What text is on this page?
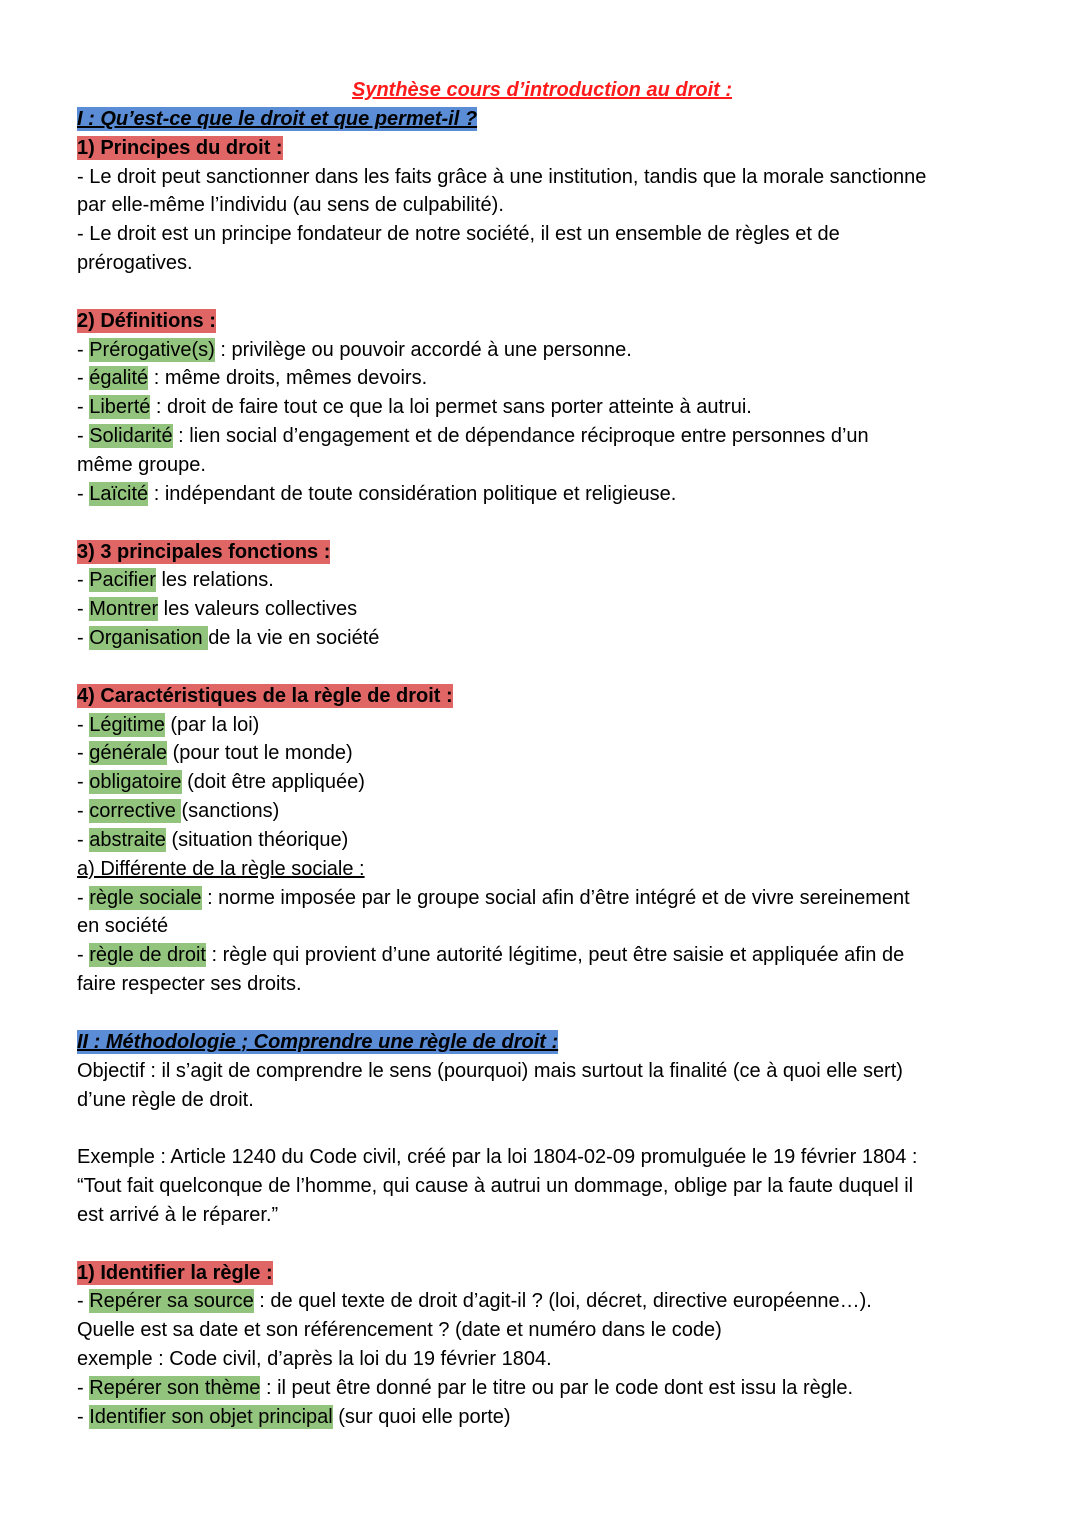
Synthèse cours d’introduction au droit :
I : Qu’est-ce que le droit et que permet-il ?
1) Principes du droit :
- Le droit peut sanctionner dans les faits grâce à une institution, tandis que la morale sanctionne
par elle-même l’individu (au sens de culpabilité).
- Le droit est un principe fondateur de notre société, il est un ensemble de règles et de
prérogatives.
2) Définitions :
- Prérogative(s) : privilège ou pouvoir accordé à une personne.
- égalité : même droits, mêmes devoirs.
- Liberté : droit de faire tout ce que la loi permet sans porter atteinte à autrui.
- Solidarité : lien social d’engagement et de dépendance réciproque entre personnes d’un
même groupe.
- Laïcité : indépendant de toute considération politique et religieuse.
3) 3 principales fonctions :
- Pacifier les relations.
- Montrer les valeurs collectives
- Organisation de la vie en société
4) Caractéristiques de la règle de droit :
- Légitime (par la loi)
- générale (pour tout le monde)
- obligatoire (doit être appliquée)
- corrective (sanctions)
- abstraite (situation théorique)
a) Différente de la règle sociale :
- règle sociale : norme imposée par le groupe social afin d’être intégré et de vivre sereinement
en société
- règle de droit : règle qui provient d’une autorité légitime, peut être saisie et appliquée afin de
faire respecter ses droits.
II : Méthodologie ; Comprendre une règle de droit :
Objectif : il s’agit de comprendre le sens (pourquoi) mais surtout la finalité (ce à quoi elle sert)
d’une règle de droit.
Exemple : Article 1240 du Code civil, créé par la loi 1804-02-09 promulguée le 19 février 1804 :
“Tout fait quelconque de l’homme, qui cause à autrui un dommage, oblige par la faute duquel il
est arrivé à le réparer.”
1) Identifier la règle :
- Repérer sa source : de quel texte de droit d’agit-il ? (loi, décret, directive européenne…).
Quelle est sa date et son référencement ? (date et numéro dans le code)
exemple : Code civil, d’après la loi du 19 février 1804.
- Repérer son thème : il peut être donné par le titre ou par le code dont est issu la règle.
- Identifier son objet principal (sur quoi elle porte)
